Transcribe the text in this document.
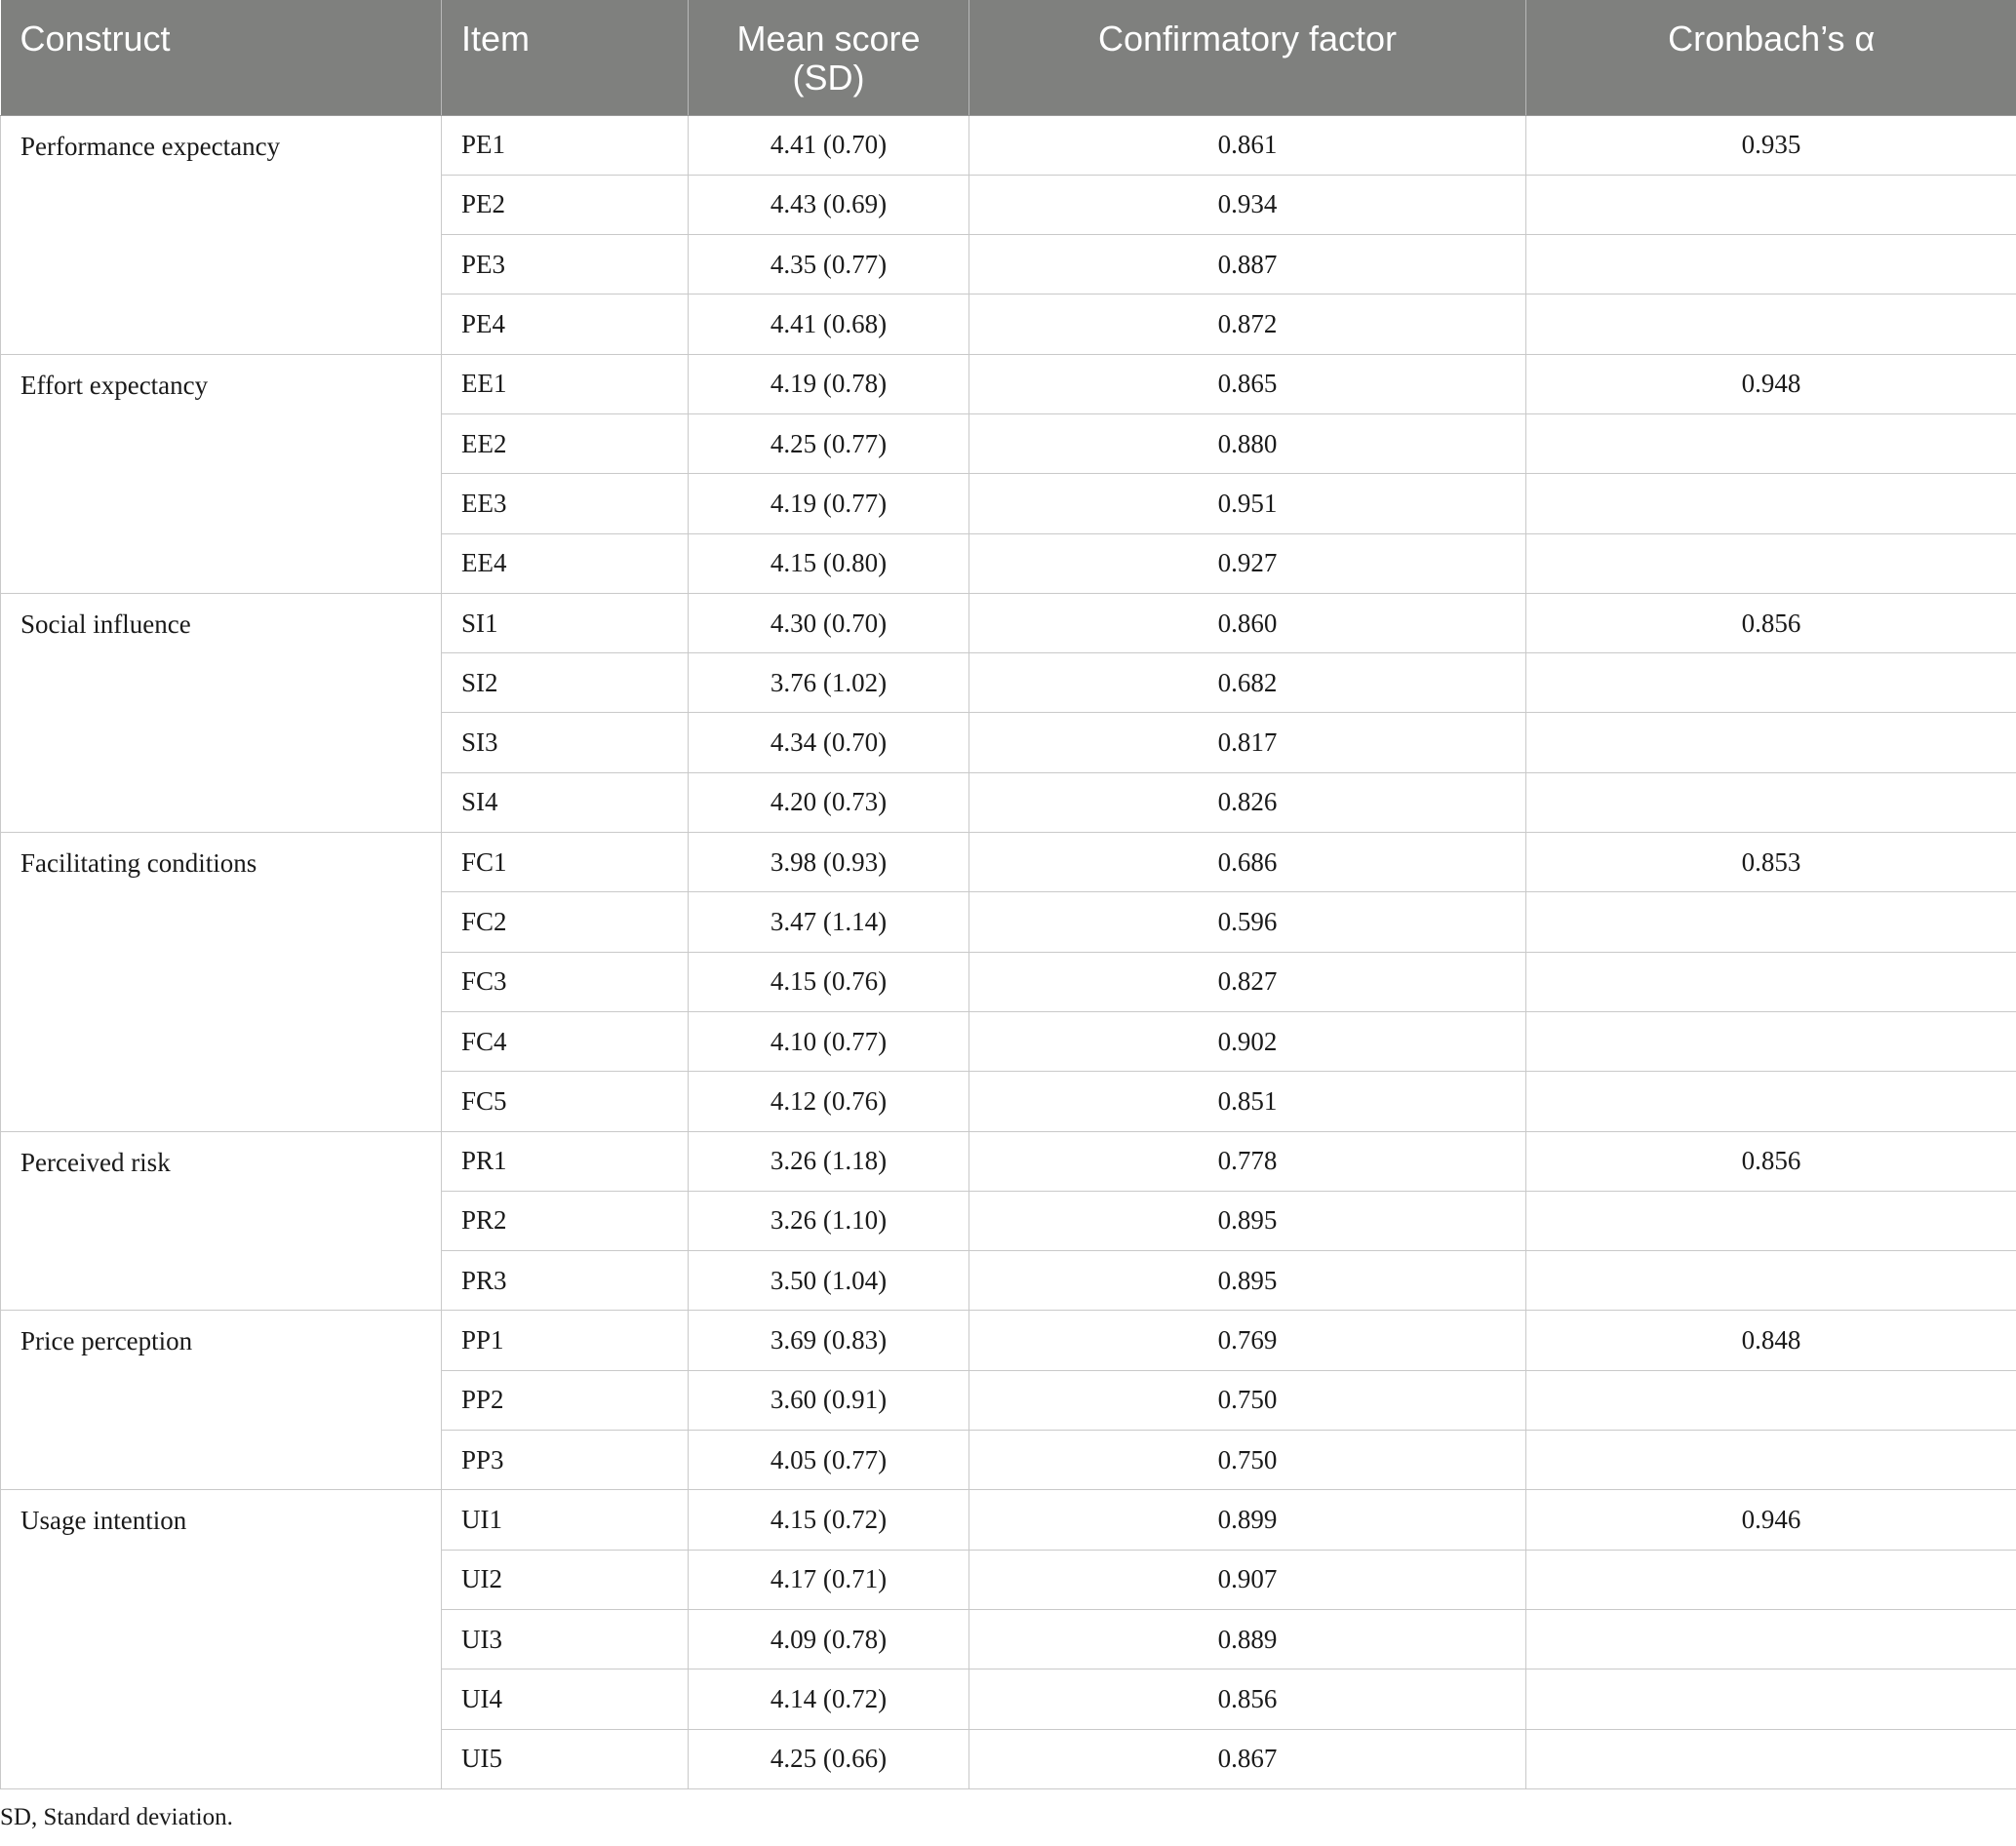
Construct	Item	Mean score (SD)	Confirmatory factor	Cronbach’s α
Performance expectancy	PE1	4.41 (0.70)	0.861	0.935
	PE2	4.43 (0.69)	0.934	
	PE3	4.35 (0.77)	0.887	
	PE4	4.41 (0.68)	0.872	
Effort expectancy	EE1	4.19 (0.78)	0.865	0.948
	EE2	4.25 (0.77)	0.880	
	EE3	4.19 (0.77)	0.951	
	EE4	4.15 (0.80)	0.927	
Social influence	SI1	4.30 (0.70)	0.860	0.856
	SI2	3.76 (1.02)	0.682	
	SI3	4.34 (0.70)	0.817	
	SI4	4.20 (0.73)	0.826	
Facilitating conditions	FC1	3.98 (0.93)	0.686	0.853
	FC2	3.47 (1.14)	0.596	
	FC3	4.15 (0.76)	0.827	
	FC4	4.10 (0.77)	0.902	
	FC5	4.12 (0.76)	0.851	
Perceived risk	PR1	3.26 (1.18)	0.778	0.856
	PR2	3.26 (1.10)	0.895	
	PR3	3.50 (1.04)	0.895	
Price perception	PP1	3.69 (0.83)	0.769	0.848
	PP2	3.60 (0.91)	0.750	
	PP3	4.05 (0.77)	0.750	
Usage intention	UI1	4.15 (0.72)	0.899	0.946
	UI2	4.17 (0.71)	0.907	
	UI3	4.09 (0.78)	0.889	
	UI4	4.14 (0.72)	0.856	
	UI5	4.25 (0.66)	0.867	
SD, Standard deviation.
